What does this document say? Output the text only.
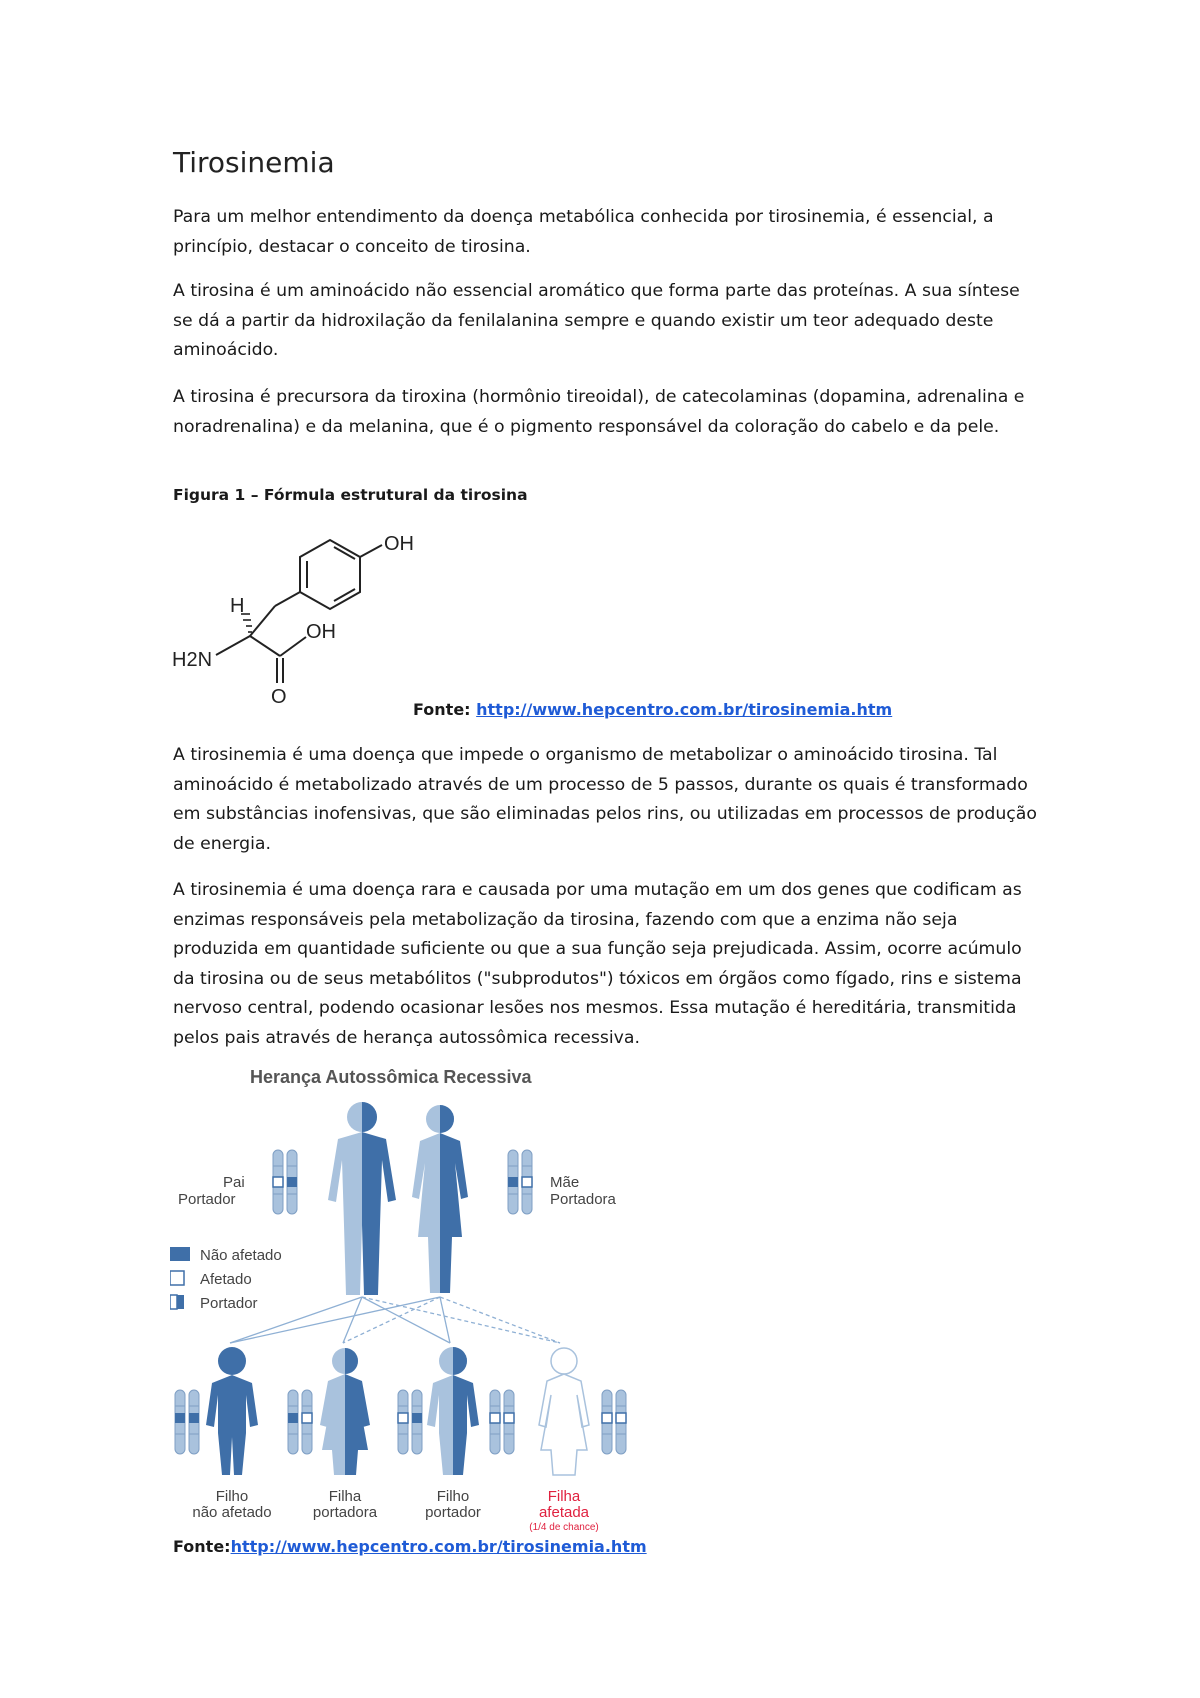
Tirosinemia

Para um melhor entendimento da doença metabólica conhecida por tirosinemia, é essencial, a princípio, destacar o conceito de tirosina.

A tirosina é um aminoácido não essencial aromático que forma parte das proteínas. A sua síntese se dá a partir da hidroxilação da fenilalanina sempre e quando existir um teor adequado deste aminoácido.

A tirosina é precursora da tiroxina (hormônio tireoidal), de catecolaminas (dopamina, adrenalina e noradrenalina) e da melanina, que é o pigmento responsável da coloração do cabelo e da pele.

Figura 1 – Fórmula estrutural da tirosina

OH
H
H2N
OH
O

Fonte: http://www.hepcentro.com.br/tirosinemia.htm

A tirosinemia é uma doença que impede o organismo de metabolizar o aminoácido tirosina. Tal aminoácido é metabolizado através de um processo de 5 passos, durante os quais é transformado em substâncias inofensivas, que são eliminadas pelos rins, ou utilizadas em processos de produção de energia.

A tirosinemia é uma doença rara e causada por uma mutação em um dos genes que codificam as enzimas responsáveis pela metabolização da tirosina, fazendo com que a enzima não seja produzida em quantidade suficiente ou que a sua função seja prejudicada. Assim, ocorre acúmulo da tirosina ou de seus metabólitos ("subprodutos") tóxicos em órgãos como fígado, rins e sistema nervoso central, podendo ocasionar lesões nos mesmos. Essa mutação é hereditária, transmitida pelos pais através de herança autossômica recessiva.

Herança Autossômica Recessiva
Pai
Portador
Mãe
Portadora
Não afetado
Afetado
Portador
Filho
não afetado
Filha
portadora
Filho
portador
Filha
afetada
(1/4 de chance)

Fonte:http://www.hepcentro.com.br/tirosinemia.htm
